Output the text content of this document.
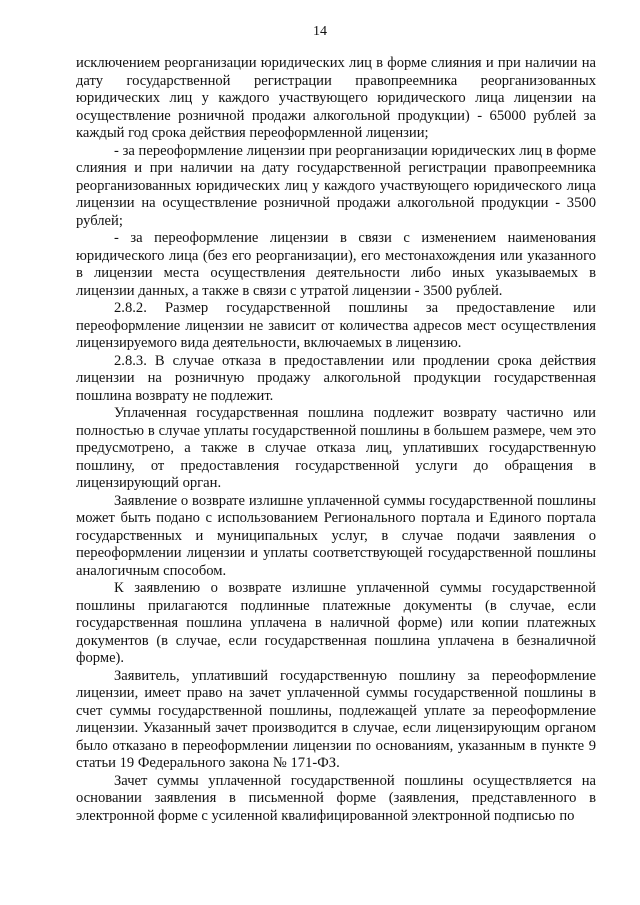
14

исключением реорганизации юридических лиц в форме слияния и при наличии на дату государственной регистрации правопреемника реорганизованных юридических лиц у каждого участвующего юридического лица лицензии на осуществление розничной продажи алкогольной продукции) - 65000 рублей за каждый год срока действия переоформленной лицензии;

- за переоформление лицензии при реорганизации юридических лиц в форме слияния и при наличии на дату государственной регистрации правопреемника реорганизованных юридических лиц у каждого участвующего юридического лица лицензии на осуществление розничной продажи алкогольной продукции - 3500 рублей;

- за переоформление лицензии в связи с изменением наименования юридического лица (без его реорганизации), его местонахождения или указанного в лицензии места осуществления деятельности либо иных указываемых в лицензии данных, а также в связи с утратой лицензии - 3500 рублей.

2.8.2. Размер государственной пошлины за предоставление или переоформление лицензии не зависит от количества адресов мест осуществления лицензируемого вида деятельности, включаемых в лицензию.

2.8.3. В случае отказа в предоставлении или продлении срока действия лицензии на розничную продажу алкогольной продукции государственная пошлина возврату не подлежит.

Уплаченная государственная пошлина подлежит возврату частично или полностью в случае уплаты государственной пошлины в большем размере, чем это предусмотрено, а также в случае отказа лиц, уплативших государственную пошлину, от предоставления государственной услуги до обращения в лицензирующий орган.

Заявление о возврате излишне уплаченной суммы государственной пошлины может быть подано с использованием Регионального портала и Единого портала государственных и муниципальных услуг, в случае подачи заявления о переоформлении лицензии и уплаты соответствующей государственной пошлины аналогичным способом.

К заявлению о возврате излишне уплаченной суммы государственной пошлины прилагаются подлинные платежные документы (в случае, если государственная пошлина уплачена в наличной форме) или копии платежных документов (в случае, если государственная пошлина уплачена в безналичной форме).

Заявитель, уплативший государственную пошлину за переоформление лицензии, имеет право на зачет уплаченной суммы государственной пошлины в счет суммы государственной пошлины, подлежащей уплате за переоформление лицензии. Указанный зачет производится в случае, если лицензирующим органом было отказано в переоформлении лицензии по основаниям, указанным в пункте 9 статьи 19 Федерального закона № 171-ФЗ.

Зачет суммы уплаченной государственной пошлины осуществляется на основании заявления в письменной форме (заявления, представленного в электронной форме с усиленной квалифицированной электронной подписью по
